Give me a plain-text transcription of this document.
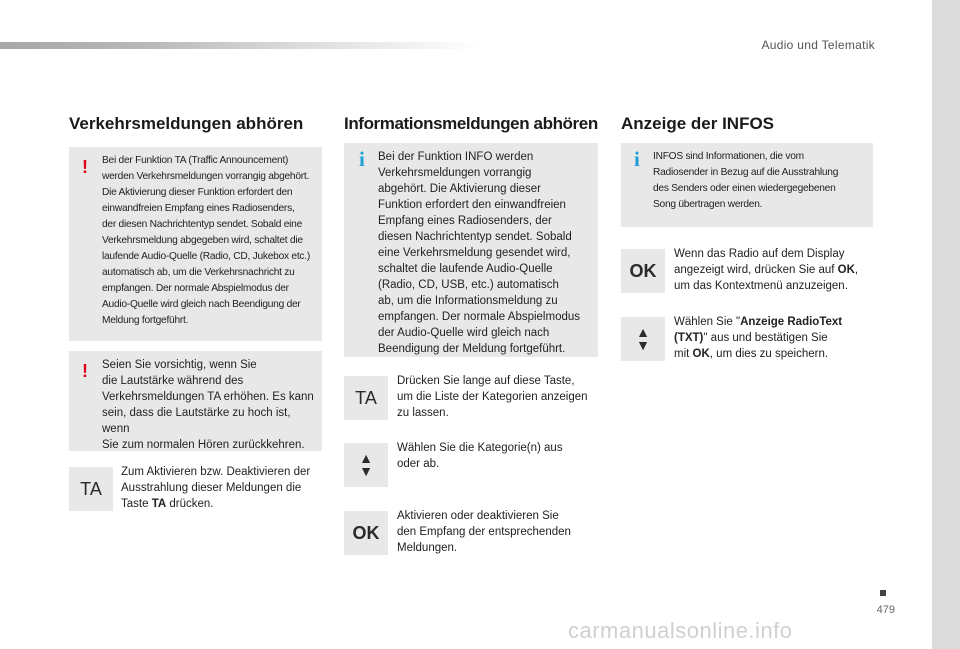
Audio und Telematik
Verkehrsmeldungen abhören
! Bei der Funktion TA (Traffic Announcement)
werden Verkehrsmeldungen vorrangig abgehört.
Die Aktivierung dieser Funktion erfordert den
einwandfreien Empfang eines Radiosenders,
der diesen Nachrichtentyp sendet. Sobald eine
Verkehrsmeldung abgegeben wird, schaltet die
laufende Audio-Quelle (Radio, CD, Jukebox etc.)
automatisch ab, um die Verkehrsnachricht zu
empfangen. Der normale Abspielmodus der
Audio-Quelle wird gleich nach Beendigung der
Meldung fortgeführt.
! Seien Sie vorsichtig, wenn Sie
die Lautstärke während des
Verkehrsmeldungen TA erhöhen. Es kann
sein, dass die Lautstärke zu hoch ist, wenn
Sie zum normalen Hören zurückkehren.
TA
Zum Aktivieren bzw. Deaktivieren der
Ausstrahlung dieser Meldungen die
Taste TA drücken.
Informationsmeldungen abhören
i Bei der Funktion INFO werden
Verkehrsmeldungen vorrangig
abgehört. Die Aktivierung dieser
Funktion erfordert den einwandfreien
Empfang eines Radiosenders, der
diesen Nachrichtentyp sendet. Sobald
eine Verkehrsmeldung gesendet wird,
schaltet die laufende Audio-Quelle
(Radio, CD, USB, etc.) automatisch
ab, um die Informationsmeldung zu
empfangen. Der normale Abspielmodus
der Audio-Quelle wird gleich nach
Beendigung der Meldung fortgeführt.
TA
Drücken Sie lange auf diese Taste,
um die Liste der Kategorien anzeigen
zu lassen.
▲
▼
Wählen Sie die Kategorie(n) aus
oder ab.
OK
Aktivieren oder deaktivieren Sie
den Empfang der entsprechenden
Meldungen.
Anzeige der INFOS
i INFOS sind Informationen, die vom
Radiosender in Bezug auf die Ausstrahlung
des Senders oder einen wiedergegebenen
Song übertragen werden.
OK
Wenn das Radio auf dem Display
angezeigt wird, drücken Sie auf OK,
um das Kontextmenü anzuzeigen.
▲
▼
Wählen Sie "Anzeige RadioText
(TXT)" aus und bestätigen Sie
mit OK, um dies zu speichern.
479
carmanualsonline.info
